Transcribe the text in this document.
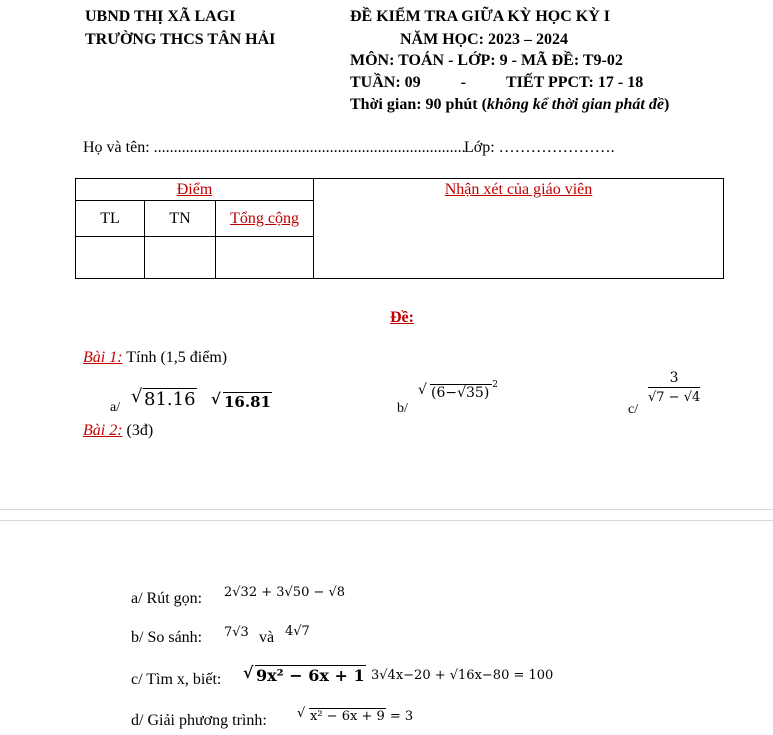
UBND THỊ XÃ LAGI
TRƯỜNG THCS TÂN HẢI
ĐỀ KIỂM TRA GIỮA KỲ HỌC KỲ I
NĂM HỌC: 2023 – 2024
MÔN: TOÁN - LỚP: 9 - MÃ ĐỀ: T9-02
TUẦN: 09	-	TIẾT PPCT: 17 - 18
Thời gian: 90 phút (không kể thời gian phát đề)
Họ và tên: ..............................................................................
Lớp: ………………….
Điểm			Nhận xét của giáo viên
TL	TN	Tổng cộng	

Đề:
Bài 1: Tính (1,5 điểm)
a/	√ 81.16	√ 16.81	b/
√ (6−√35) $^2$
c/
$\frac{3}{√7 - √4}$
Bài 2: (3đ)
a/ Rút gọn: 2√32 + 3√50 − √8
b/ So sánh: 7√3 và 4√7
c/ Tìm x, biết:	√ 9x² − 6x + 1 3√4x−20 + √16x−80 = 100
d/ Giải phương trình:	√ x² − 6x + 9 = 3
